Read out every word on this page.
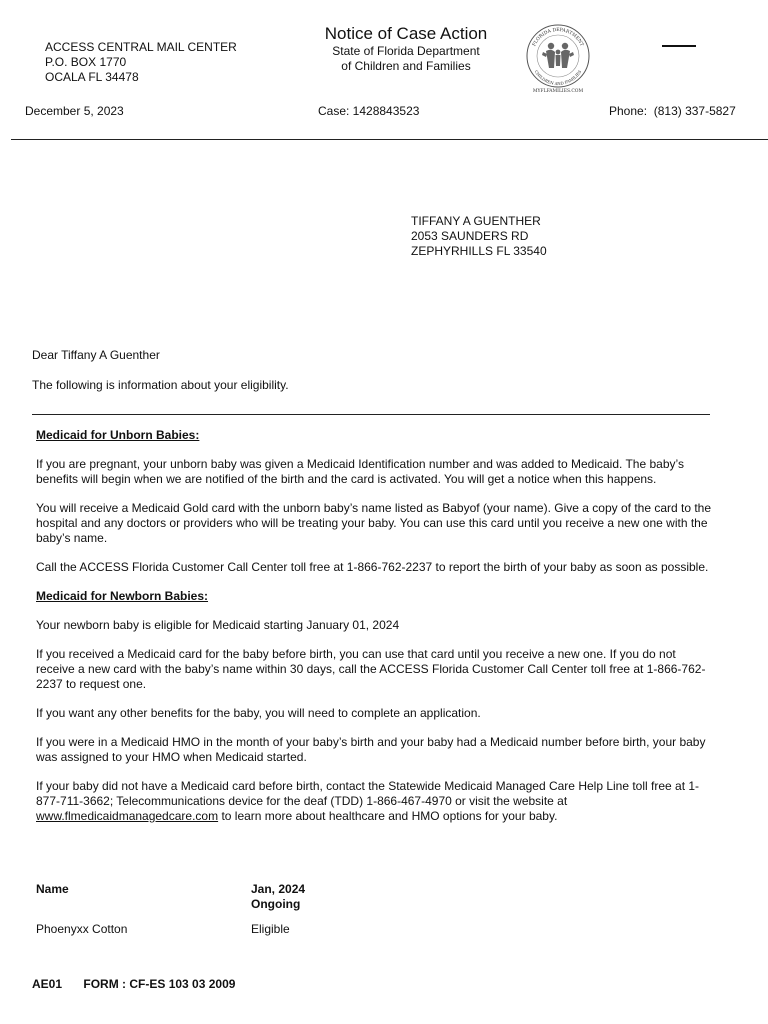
ACCESS CENTRAL MAIL CENTER
P.O. BOX 1770
OCALA FL 34478
Notice of Case Action
State of Florida Department
of Children and Families
FLORIDA DEPARTMENT
CHILDREN AND FAMILIES
MYFLFAMILIES.COM
December 5, 2023	Case: 1428843523	Phone: (813) 337-5827
TIFFANY A GUENTHER
2053 SAUNDERS RD
ZEPHYRHILLS FL 33540
Dear Tiffany A Guenther
The following is information about your eligibility.

Medicaid for Unborn Babies:

If you are pregnant, your unborn baby was given a Medicaid Identification number and was added to Medicaid. The baby’s benefits will begin when we are notified of the birth and the card is activated. You will get a notice when this happens.

You will receive a Medicaid Gold card with the unborn baby’s name listed as Babyof (your name). Give a copy of the card to the hospital and any doctors or providers who will be treating your baby. You can use this card until you receive a new one with the baby’s name.

Call the ACCESS Florida Customer Call Center toll free at 1-866-762-2237 to report the birth of your baby as soon as possible.

Medicaid for Newborn Babies:

Your newborn baby is eligible for Medicaid starting January 01, 2024

If you received a Medicaid card for the baby before birth, you can use that card until you receive a new one. If you do not receive a new card with the baby’s name within 30 days, call the ACCESS Florida Customer Call Center toll free at 1-866-762-2237 to request one.

If you want any other benefits for the baby, you will need to complete an application.

If you were in a Medicaid HMO in the month of your baby’s birth and your baby had a Medicaid number before birth, your baby was assigned to your HMO when Medicaid started.

If your baby did not have a Medicaid card before birth, contact the Statewide Medicaid Managed Care Help Line toll free at 1-877-711-3662; Telecommunications device for the deaf (TDD) 1-866-467-4970 or visit the website at
www.flmedicaidmanagedcare.com to learn more about healthcare and HMO options for your baby.

Name	Jan, 2024
Ongoing
Phoenyxx Cotton	Eligible
AE01 FORM : CF-ES 103 03 2009
